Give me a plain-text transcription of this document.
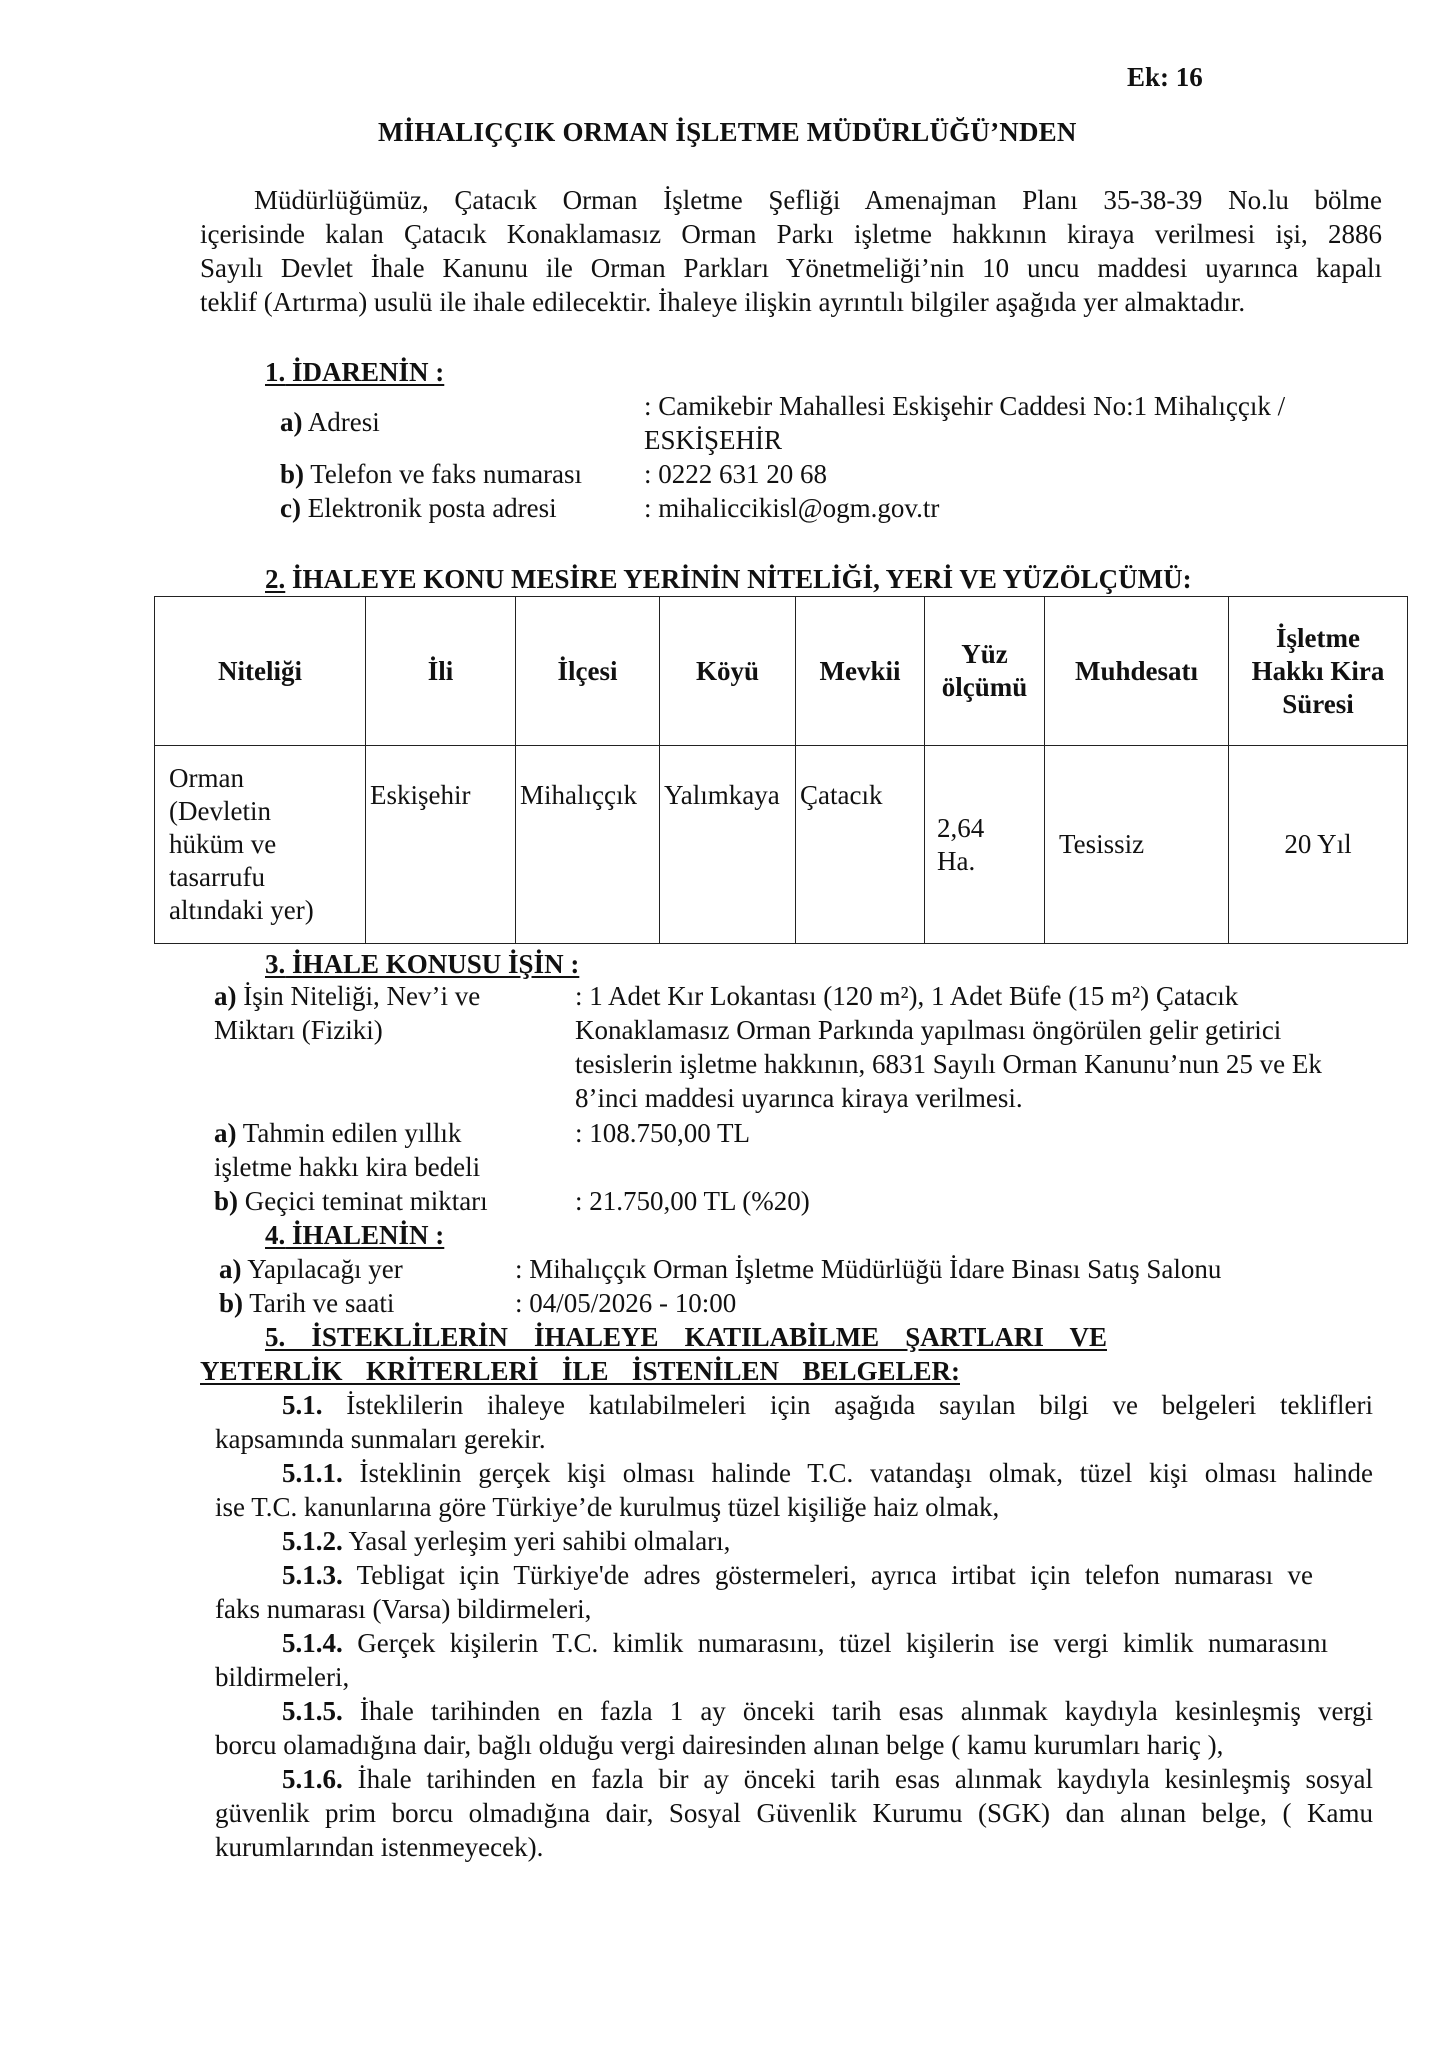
Ek: 16
MİHALIÇÇIK ORMAN İŞLETME MÜDÜRLÜĞÜ’NDEN
Müdürlüğümüz, Çatacık Orman İşletme Şefliği Amenajman Planı 35-38-39 No.lu bölme
içerisinde kalan Çatacık Konaklamasız Orman Parkı işletme hakkının kiraya verilmesi işi, 2886
Sayılı Devlet İhale Kanunu ile Orman Parkları Yönetmeliği’nin 10 uncu maddesi uyarınca kapalı
teklif (Artırma) usulü ile ihale edilecektir. İhaleye ilişkin ayrıntılı bilgiler aşağıda yer almaktadır.
1. İDARENİN :
a) Adresi
: Camikebir Mahallesi Eskişehir Caddesi No:1 Mihalıççık /
ESKİŞEHİR
b) Telefon ve faks numarası : 0222 631 20 68
c) Elektronik posta adresi	: mihaliccikisl@ogm.gov.tr
2. İHALEYE KONU MESİRE YERİNİN NİTELİĞİ, YERİ VE YÜZÖLÇÜMÜ:
Niteliği	İli	İlçesi	Köyü	Mevkii	Yüz ölçümü	Muhdesatı	İşletme Hakkı Kira Süresi
Orman (Devletin hüküm ve tasarrufu altındaki yer)	Eskişehir	Mihalıççık	Yalımkaya	Çatacık	2,64 Ha.	Tesissiz	20 Yıl
3. İHALE KONUSU İŞİN :
a) İşin Niteliği, Nev’i ve
Miktarı (Fiziki)
: 1 Adet Kır Lokantası (120 m²), 1 Adet Büfe (15 m²) Çatacık
Konaklamasız Orman Parkında yapılması öngörülen gelir getirici
tesislerin işletme hakkının, 6831 Sayılı Orman Kanunu’nun 25 ve Ek
8’inci maddesi uyarınca kiraya verilmesi.
a) Tahmin edilen yıllık
işletme hakkı kira bedeli
: 108.750,00 TL
b) Geçici teminat miktarı	: 21.750,00 TL (%20)
4. İHALENİN :
a) Yapılacağı yer	: Mihalıççık Orman İşletme Müdürlüğü İdare Binası Satış Salonu
b) Tarih ve saati	: 04/05/2026 - 10:00
5. İSTEKLİLERİN İHALEYE KATILABİLME ŞARTLARI VE
YETERLİK KRİTERLERİ İLE İSTENİLEN BELGELER:
5.1. İsteklilerin ihaleye katılabilmeleri için aşağıda sayılan bilgi ve belgeleri teklifleri
kapsamında sunmaları gerekir.
5.1.1. İsteklinin gerçek kişi olması halinde T.C. vatandaşı olmak, tüzel kişi olması halinde
ise T.C. kanunlarına göre Türkiye’de kurulmuş tüzel kişiliğe haiz olmak,
5.1.2. Yasal yerleşim yeri sahibi olmaları,
5.1.3. Tebligat için Türkiye'de adres göstermeleri, ayrıca irtibat için telefon numarası ve
faks numarası (Varsa) bildirmeleri,
5.1.4. Gerçek kişilerin T.C. kimlik numarasını, tüzel kişilerin ise vergi kimlik numarasını
bildirmeleri,
5.1.5. İhale tarihinden en fazla 1 ay önceki tarih esas alınmak kaydıyla kesinleşmiş vergi
borcu olamadığına dair, bağlı olduğu vergi dairesinden alınan belge ( kamu kurumları hariç ),
5.1.6. İhale tarihinden en fazla bir ay önceki tarih esas alınmak kaydıyla kesinleşmiş sosyal
güvenlik prim borcu olmadığına dair, Sosyal Güvenlik Kurumu (SGK) dan alınan belge, ( Kamu
kurumlarından istenmeyecek).
